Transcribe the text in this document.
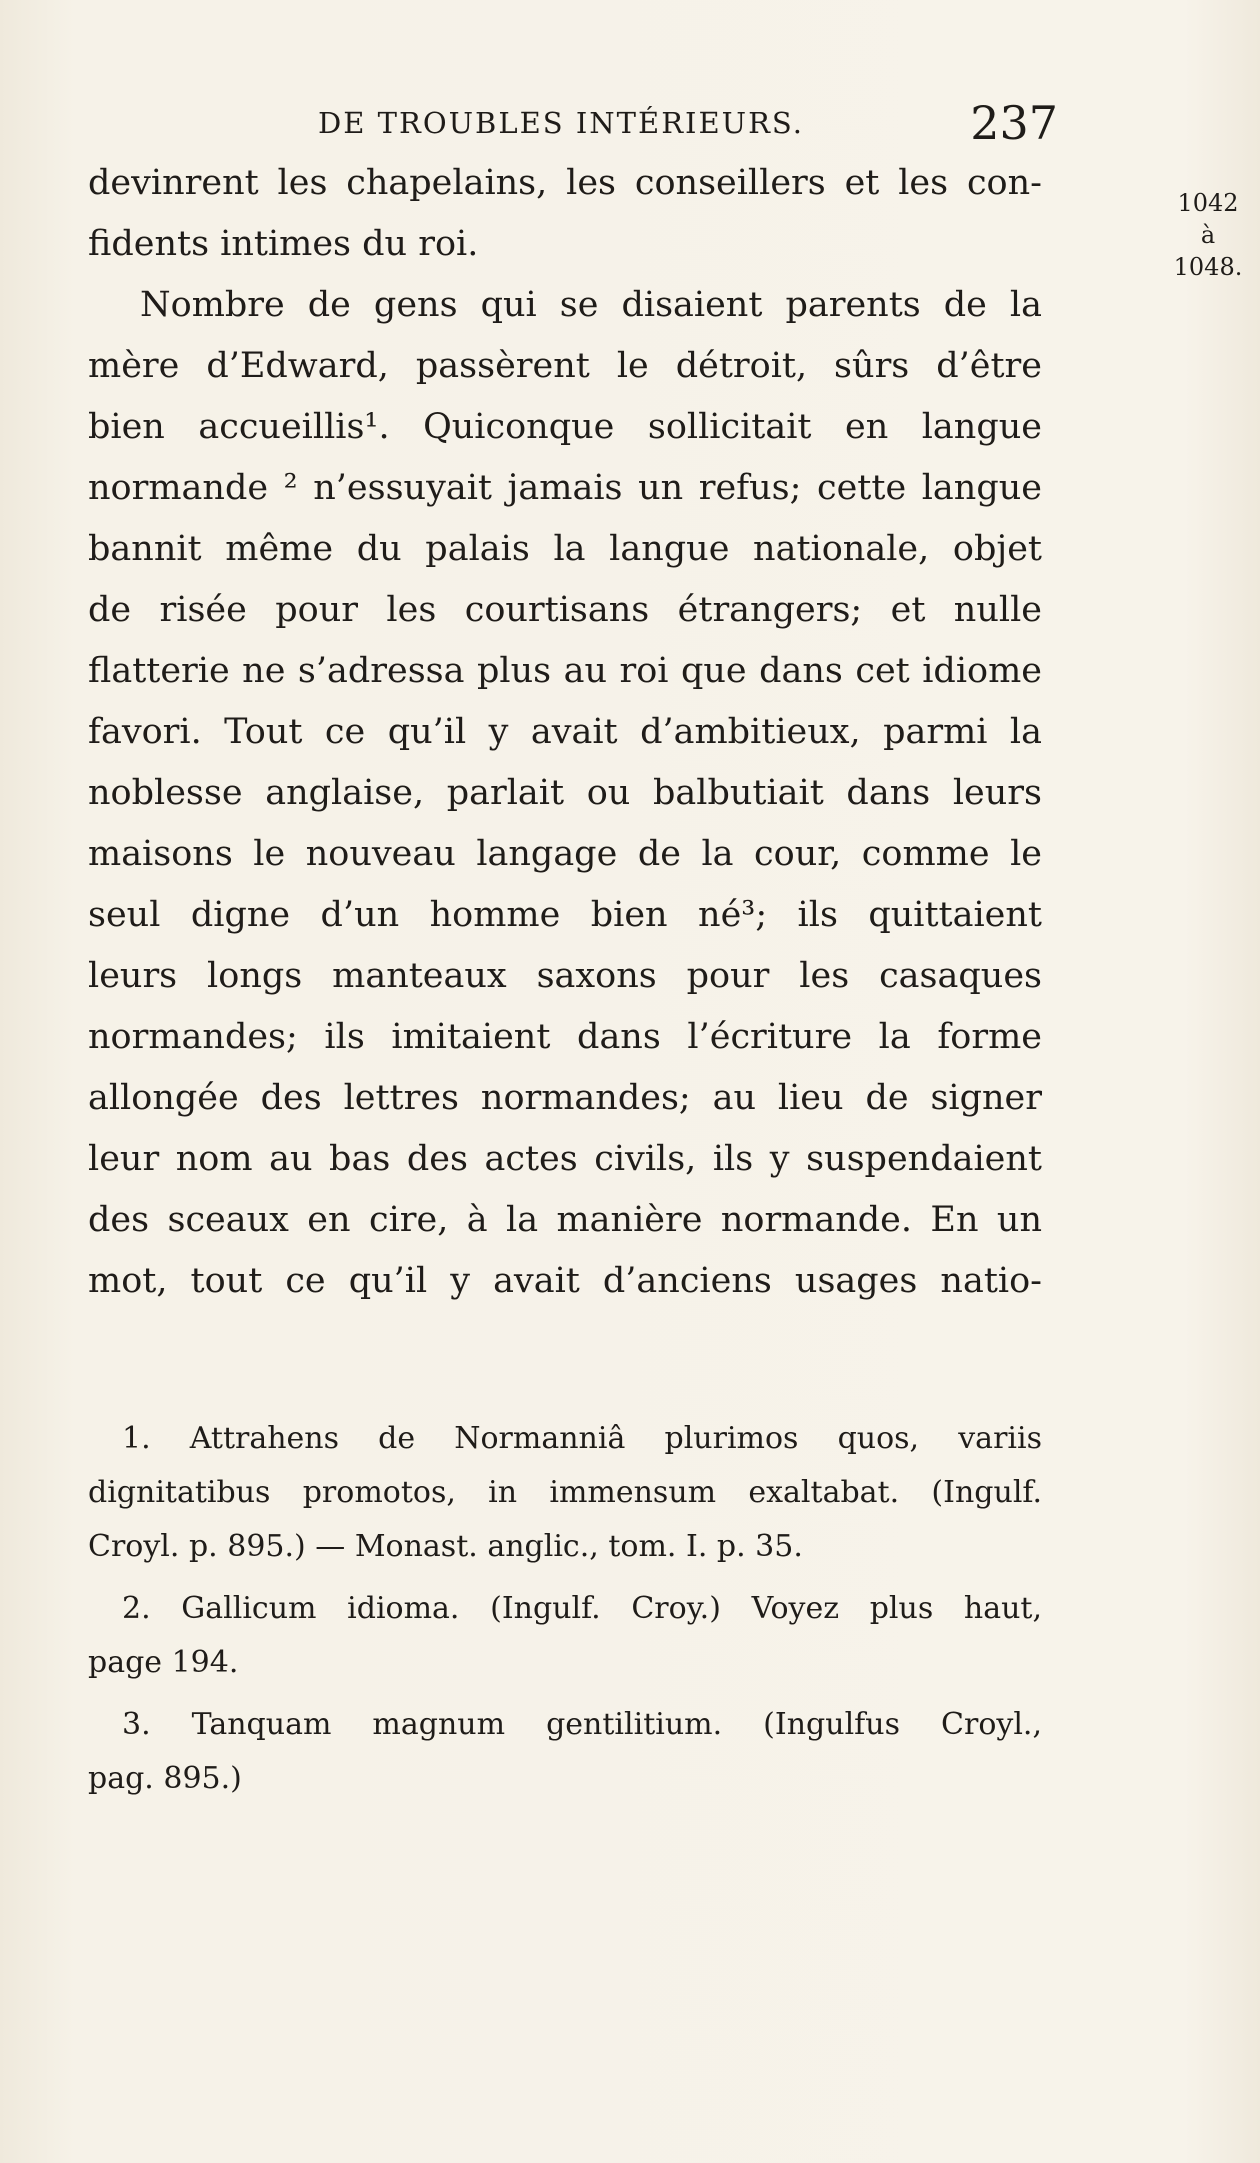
DE TROUBLES INTÉRIEURS.	237
1042
à
1048.
devinrent les chapelains, les conseillers et les con-
fidents intimes du roi.
Nombre de gens qui se disaient parents de la
mère d’Edward, passèrent le détroit, sûrs d’être
bien accueillis¹. Quiconque sollicitait en langue
normande ² n’essuyait jamais un refus; cette langue
bannit même du palais la langue nationale, objet
de risée pour les courtisans étrangers; et nulle
flatterie ne s’adressa plus au roi que dans cet idiome
favori. Tout ce qu’il y avait d’ambitieux, parmi la
noblesse anglaise, parlait ou balbutiait dans leurs
maisons le nouveau langage de la cour, comme le
seul digne d’un homme bien né³; ils quittaient
leurs longs manteaux saxons pour les casaques
normandes; ils imitaient dans l’écriture la forme
allongée des lettres normandes; au lieu de signer
leur nom au bas des actes civils, ils y suspendaient
des sceaux en cire, à la manière normande. En un
mot, tout ce qu’il y avait d’anciens usages natio-
1. Attrahens de Normanniâ plurimos quos, variis
dignitatibus promotos, in immensum exaltabat. (Ingulf.
Croyl. p. 895.) — Monast. anglic., tom. I. p. 35.
2. Gallicum idioma. (Ingulf. Croy.) Voyez plus haut,
page 194.
3. Tanquam magnum gentilitium. (Ingulfus Croyl.,
pag. 895.)
